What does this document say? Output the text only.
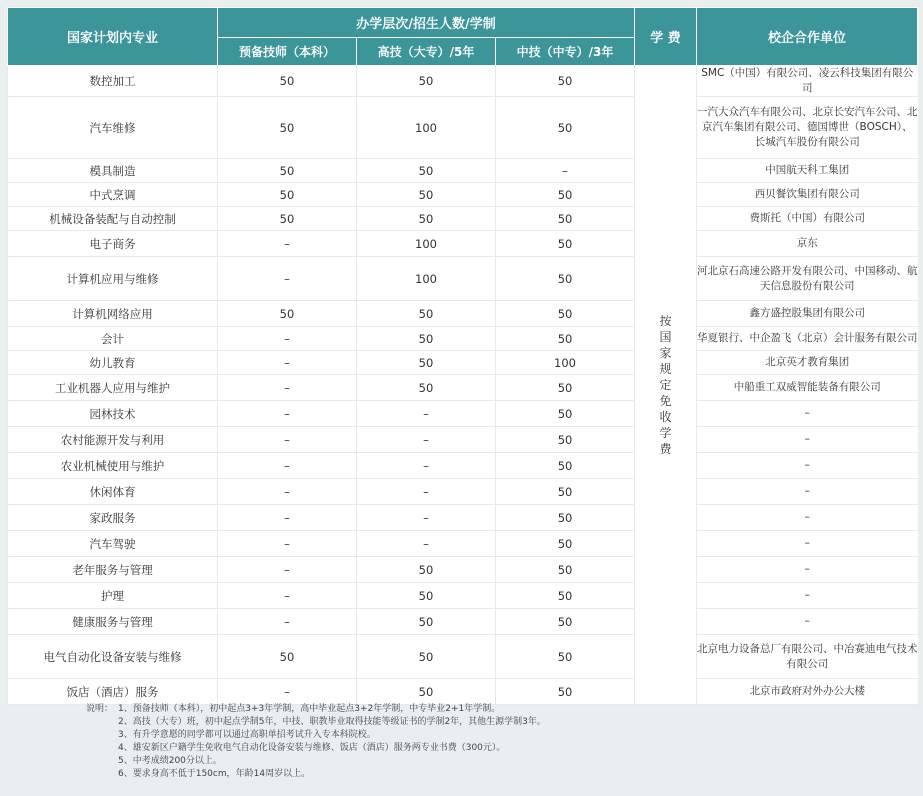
国家计划内专业	办学层次/招生人数/学制			学 费	校企合作单位
	预备技师（本科）	高技（大专）/5年	中技（中专）/3年		
数控加工	50	50	50	按国家规定免收学费	SMC（中国）有限公司、凌云科技集团有限公司
汽车维修	50	100	50		一汽大众汽车有限公司、北京长安汽车公司、北京汽车集团有限公司、德国博世（BOSCH）、长城汽车股份有限公司
模具制造	50	50	–		中国航天科工集团
中式烹调	50	50	50		西贝餐饮集团有限公司
机械设备装配与自动控制	50	50	50		费斯托（中国）有限公司
电子商务	–	100	50		京东
计算机应用与维修	–	100	50		河北京石高速公路开发有限公司、中国移动、航天信息股份有限公司
计算机网络应用	50	50	50		鑫方盛控股集团有限公司
会计	–	50	50		华夏银行、中企盈飞（北京）会计服务有限公司
幼儿教育	–	50	100		北京英才教育集团
工业机器人应用与维护	–	50	50		中船重工双威智能装备有限公司
园林技术	–	–	50		–
农村能源开发与利用	–	–	50		–
农业机械使用与维护	–	–	50		–
休闲体育	–	–	50		–
家政服务	–	–	50		–
汽车驾驶	–	–	50		–
老年服务与管理	–	50	50		–
护理	–	50	50		–
健康服务与管理	–	50	50		–
电气自动化设备安装与维修	50	50	50		北京电力设备总厂有限公司、中冶赛迪电气技术有限公司
饭店（酒店）服务	–	50	50		北京市政府对外办公大楼
说明： 1、预备技师（本科），初中起点3+3年学制，高中毕业起点3+2年学制，中专毕业2+1年学制。
2、高技（大专）班，初中起点学制5年，中技、职教毕业取得技能等级证书的学制2年，其他生源学制3年。
3、有升学意愿的同学都可以通过高职单招考试升入专本科院校。
4、雄安新区户籍学生免收电气自动化设备安装与维修、饭店（酒店）服务两专业书费（300元）。
5、中考成绩200分以上。
6、要求身高不低于150cm，年龄14周岁以上。
